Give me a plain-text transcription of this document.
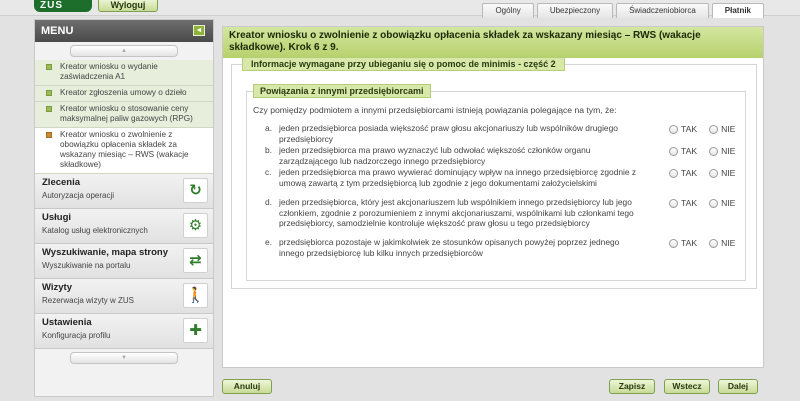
ZUS	Wyloguj
Ogólny	Ubezpieczony	Świadczeniobiorca	Płatnik
MENU	◄
▲
Kreator wniosku o wydanie zaświadczenia A1
Kreator zgłoszenia umowy o dzieło
Kreator wniosku o stosowanie ceny maksymalnej paliw gazowych (RPG)
Kreator wniosku o zwolnienie z obowiązku opłacenia składek za wskazany miesiąc – RWS (wakacje składkowe)
Zlecenia
Autoryzacja operacji	↻
Usługi
Katalog usług elektronicznych	⚙
Wyszukiwanie, mapa strony
Wyszukiwanie na portalu	⇄
Wizyty
Rezerwacja wizyty w ZUS	🚶
Ustawienia
Konfiguracja profilu	✚
▼
Kreator wniosku o zwolnienie z obowiązku opłacenia składek za wskazany miesiąc – RWS (wakacje składkowe). Krok 6 z 9.
Informacje wymagane przy ubieganiu się o pomoc de minimis - część 2
Powiązania z innymi przedsiębiorcami
Czy pomiędzy podmiotem a innymi przedsiębiorcami istnieją powiązania polegające na tym, że:
a. jeden przedsiębiorca posiada większość praw głosu akcjonariuszy lub wspólników drugiego przedsiębiorcy
TAK	NIE
b. jeden przedsiębiorca ma prawo wyznaczyć lub odwołać większość członków organu zarządzającego lub nadzorczego innego przedsiębiorcy
TAK	NIE
c. jeden przedsiębiorca ma prawo wywierać dominujący wpływ na innego przedsiębiorcę zgodnie z umową zawartą z tym przedsiębiorcą lub zgodnie z jego dokumentami założycielskimi
TAK	NIE
d. jeden przedsiębiorca, który jest akcjonariuszem lub wspólnikiem innego przedsiębiorcy lub jego członkiem, zgodnie z porozumieniem z innymi akcjonariuszami, wspólnikami lub członkami tego przedsiębiorcy, samodzielnie kontroluje większość praw głosu u tego przedsiębiorcy
TAK	NIE
e. przedsiębiorca pozostaje w jakimkolwiek ze stosunków opisanych powyżej poprzez jednego innego przedsiębiorcę lub kilku innych przedsiębiorców
TAK	NIE
Anuluj	Zapisz	Wstecz	Dalej
